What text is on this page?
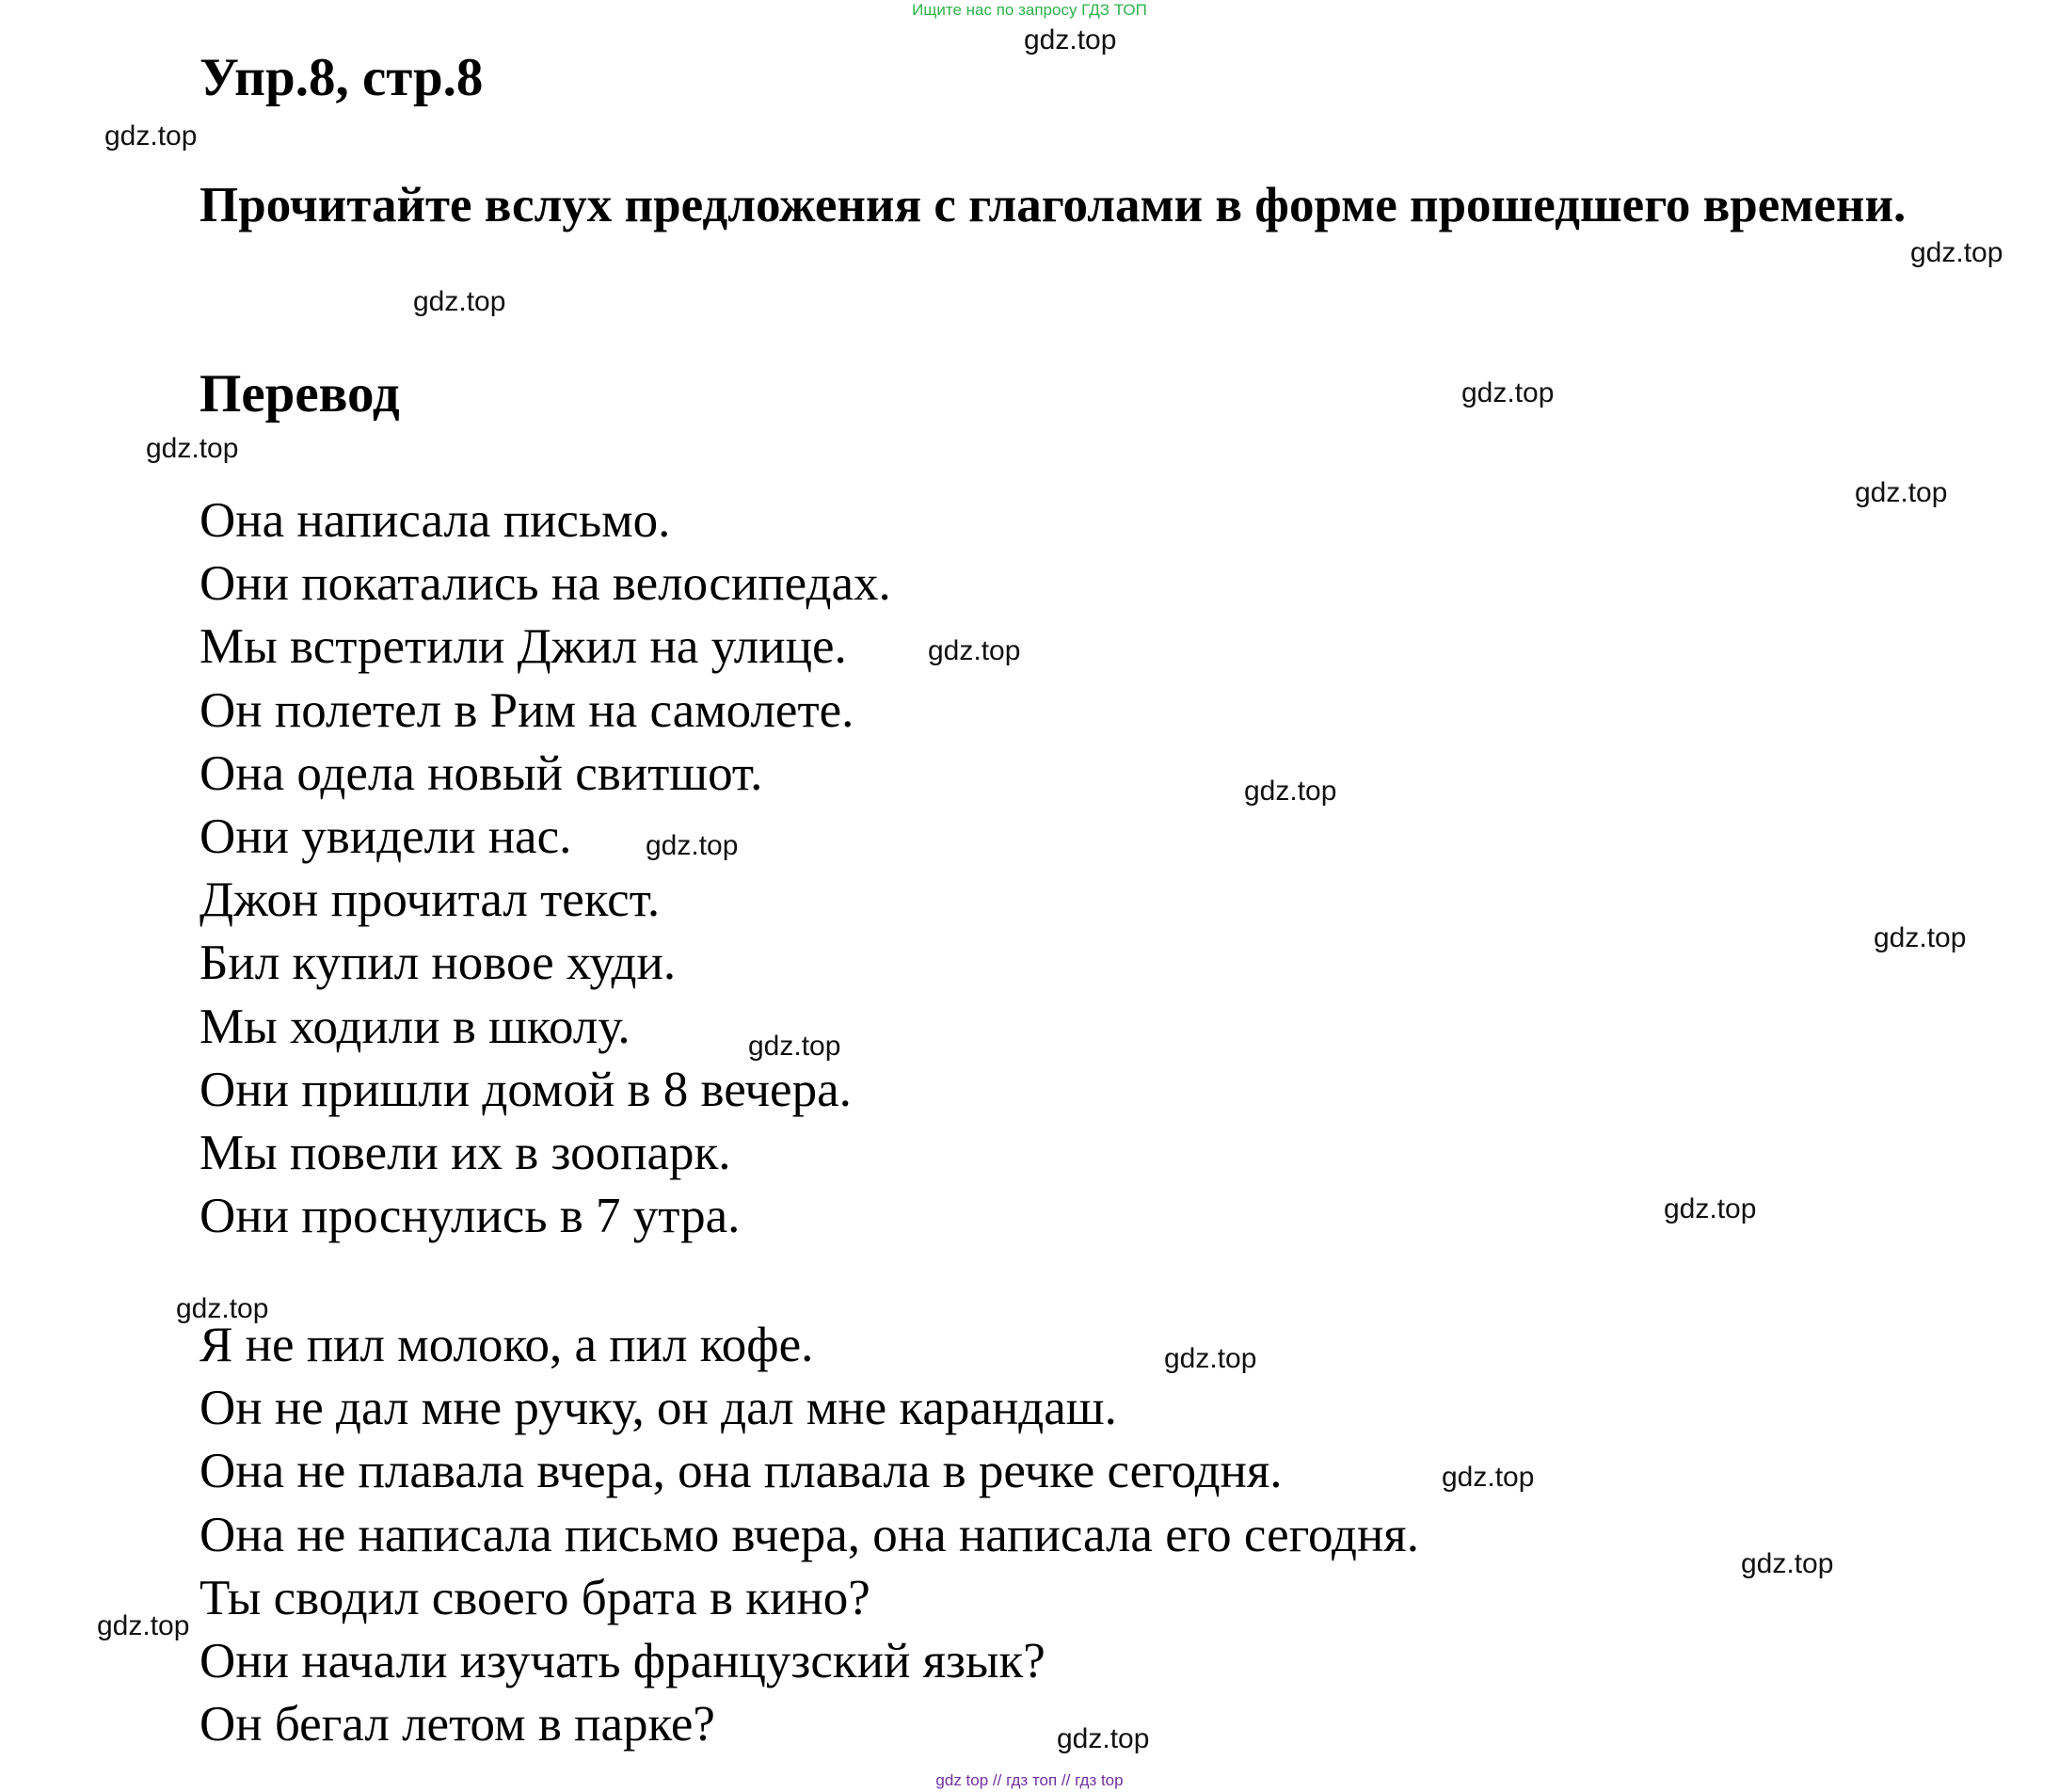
Ищите нас по запросу ГДЗ ТОП
Упр.8, стр.8
Прочитайте вслух предложения с глаголами в форме прошедшего времени.
Перевод
Она написала письмо.
Они покатались на велосипедах.
Мы встретили Джил на улице.
Он полетел в Рим на самолете.
Она одела новый свитшот.
Они увидели нас.
Джон прочитал текст.
Бил купил новое худи.
Мы ходили в школу.
Они пришли домой в 8 вечера.
Мы повели их в зоопарк.
Они проснулись в 7 утра.
Я не пил молоко, а пил кофе.
Он не дал мне ручку, он дал мне карандаш.
Она не плавала вчера, она плавала в речке сегодня.
Она не написала письмо вчера, она написала его сегодня.
Ты сводил своего брата в кино?
Они начали изучать французский язык?
Он бегал летом в парке?
gdz.top
gdz.top
gdz.top
gdz.top
gdz.top
gdz.top
gdz.top
gdz.top
gdz.top
gdz.top
gdz.top
gdz.top
gdz.top
gdz.top
gdz.top
gdz.top
gdz.top
gdz.top
gdz.top
gdz top // гдз топ // гдз top
